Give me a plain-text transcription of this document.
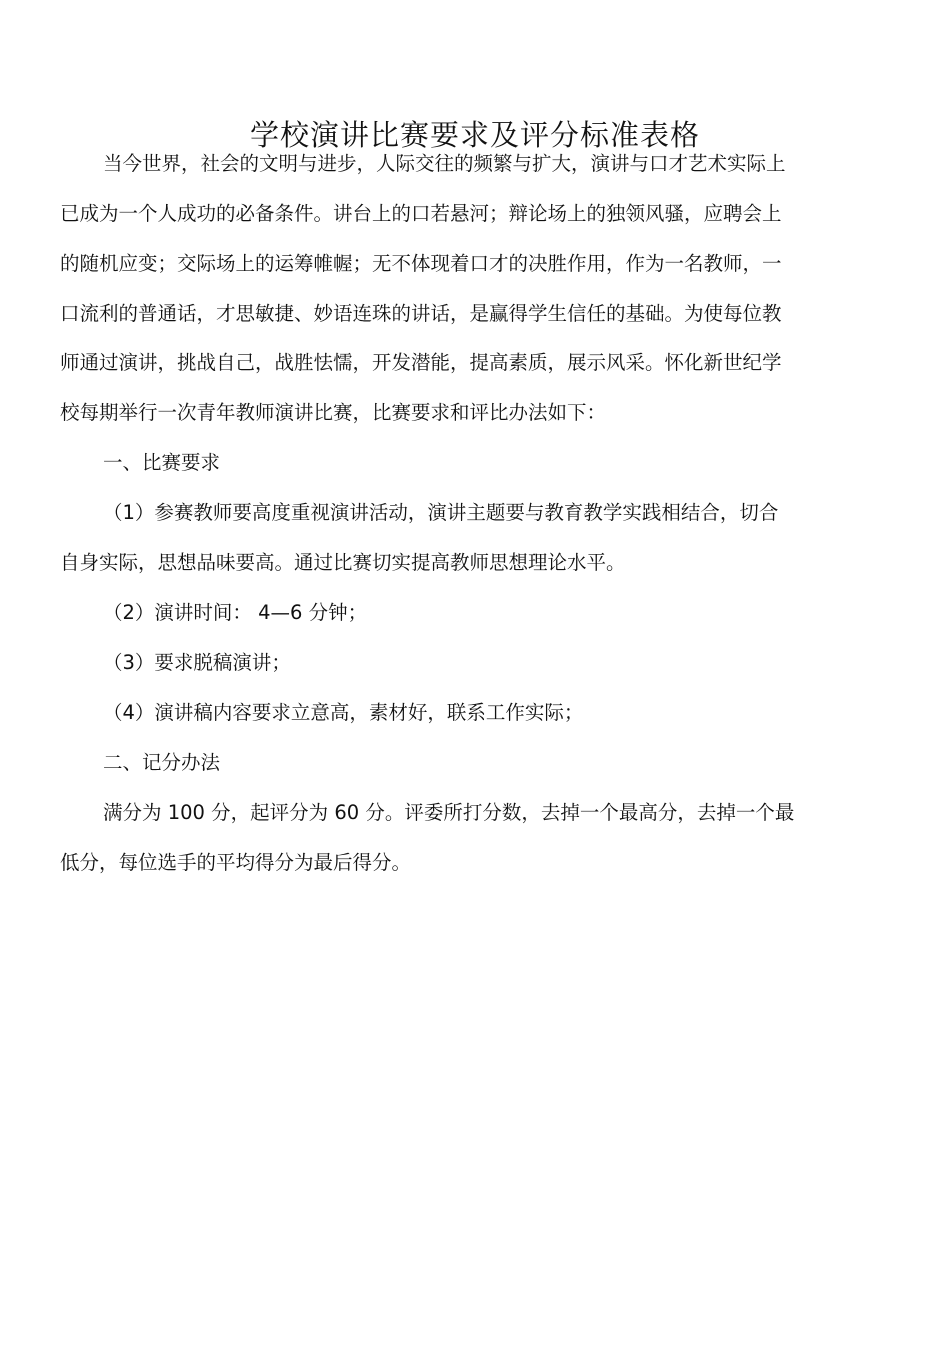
学校演讲比赛要求及评分标准表格
当今世界，社会的文明与进步，人际交往的频繁与扩大，演讲与口才艺术实际上
已成为一个人成功的必备条件。讲台上的口若悬河；辩论场上的独领风骚，应聘会上
的随机应变；交际场上的运筹帷幄；无不体现着口才的决胜作用，作为一名教师，一
口流利的普通话，才思敏捷、妙语连珠的讲话，是赢得学生信任的基础。为使每位教
师通过演讲，挑战自己，战胜怯懦，开发潜能，提高素质，展示风采。怀化新世纪学
校每期举行一次青年教师演讲比赛，比赛要求和评比办法如下：
一、比赛要求
（1）参赛教师要高度重视演讲活动，演讲主题要与教育教学实践相结合，切合
自身实际，思想品味要高。通过比赛切实提高教师思想理论水平。
（2）演讲时间： 4—6 分钟；
（3）要求脱稿演讲；
（4）演讲稿内容要求立意高，素材好，联系工作实际；
二、记分办法
满分为 100 分，起评分为 60 分。评委所打分数，去掉一个最高分，去掉一个最
低分，每位选手的平均得分为最后得分。
